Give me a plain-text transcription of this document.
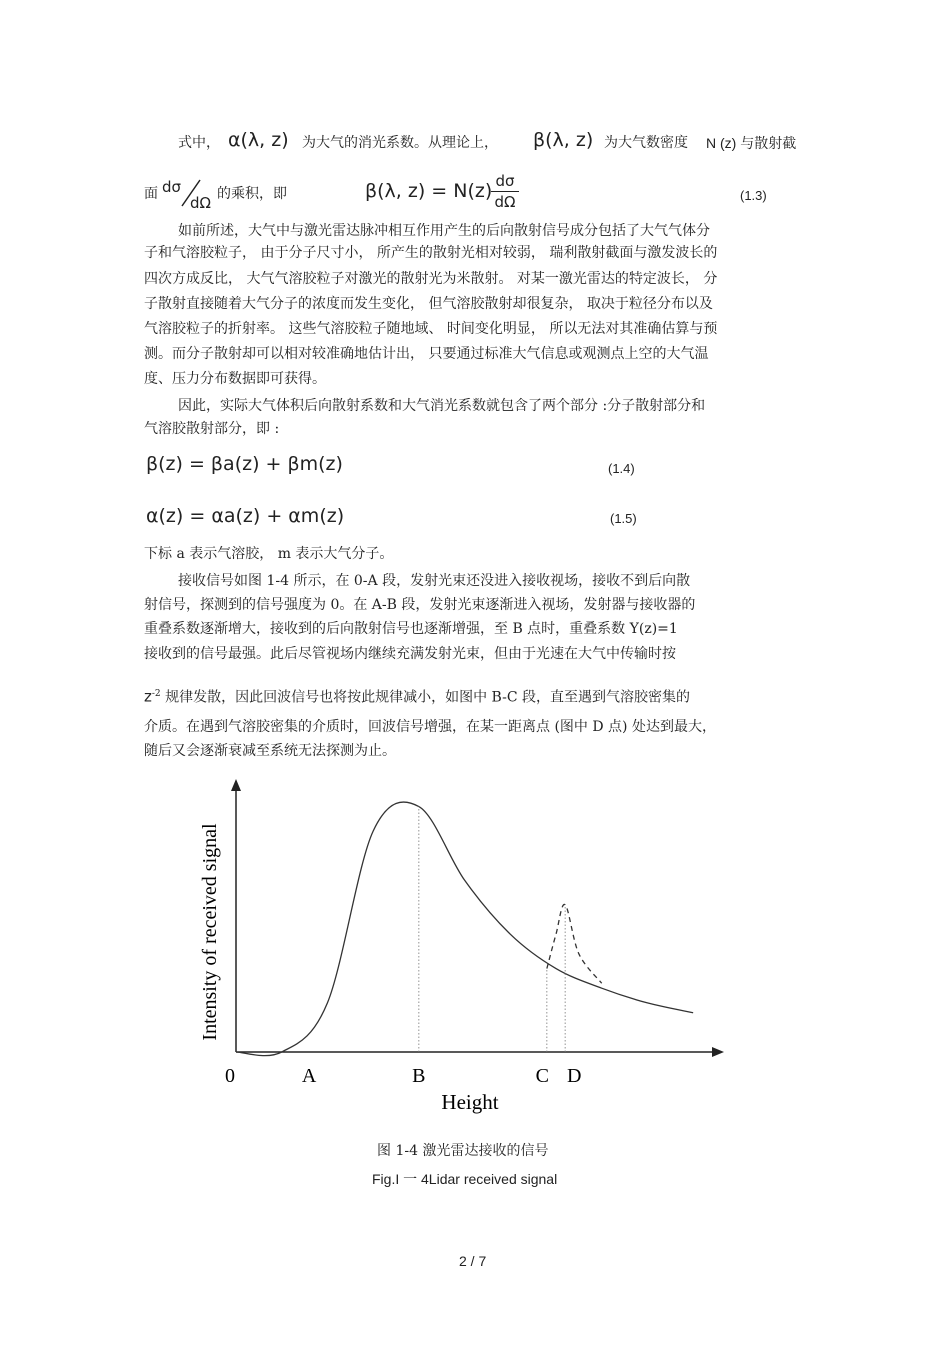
式中， α(λ, z) 为大气的消光系数。从理论上， β(λ, z) 为大气数密度 N (z) 与散射截
面 dσ
dΩ 的乘积，即	β(λ, z) = N(z) dσ
dΩ	(1.3)
如前所述，大气中与激光雷达脉冲相互作用产生的后向散射信号成分包括了大气气体分
子和气溶胶粒子， 由于分子尺寸小， 所产生的散射光相对较弱， 瑞利散射截面与激发波长的
四次方成反比， 大气气溶胶粒子对激光的散射光为米散射。 对某一激光雷达的特定波长， 分
子散射直接随着大气分子的浓度而发生变化， 但气溶胶散射却很复杂， 取决于粒径分布以及
气溶胶粒子的折射率。 这些气溶胶粒子随地域、 时间变化明显， 所以无法对其准确估算与预
测。而分子散射却可以相对较准确地估计出， 只要通过标准大气信息或观测点上空的大气温
度、压力分布数据即可获得。
因此，实际大气体积后向散射系数和大气消光系数就包含了两个部分 :分子散射部分和
气溶胶散射部分，即 :
β(z) = βa(z) + βm(z)	(1.4)
α(z) = αa(z) + αm(z)	(1.5)
下标 a 表示气溶胶， m 表示大气分子。
接收信号如图 1-4 所示，在 0-A 段，发射光束还没进入接收视场，接收不到后向散
射信号，探测到的信号强度为 0。在 A-B 段，发射光束逐渐进入视场，发射器与接收器的
重叠系数逐渐增大，接收到的后向散射信号也逐渐增强，至 B 点时，重叠系数 Y(z)=1
接收到的信号最强。此后尽管视场内继续充满发射光束，但由于光速在大气中传输时按
$z^{-2}$ 规律发散，因此回波信号也将按此规律减小，如图中 B-C 段，直至遇到气溶胶密集的
介质。在遇到气溶胶密集的介质时，回波信号增强，在某一距离点 (图中 D 点) 处达到最大，
随后又会逐渐衰减至系统无法探测为止。
0	A	B	C D
Height
Intensity of received signal
图 1-4 激光雷达接收的信号
Fig.I 一 4Lidar received signal
2 / 7
